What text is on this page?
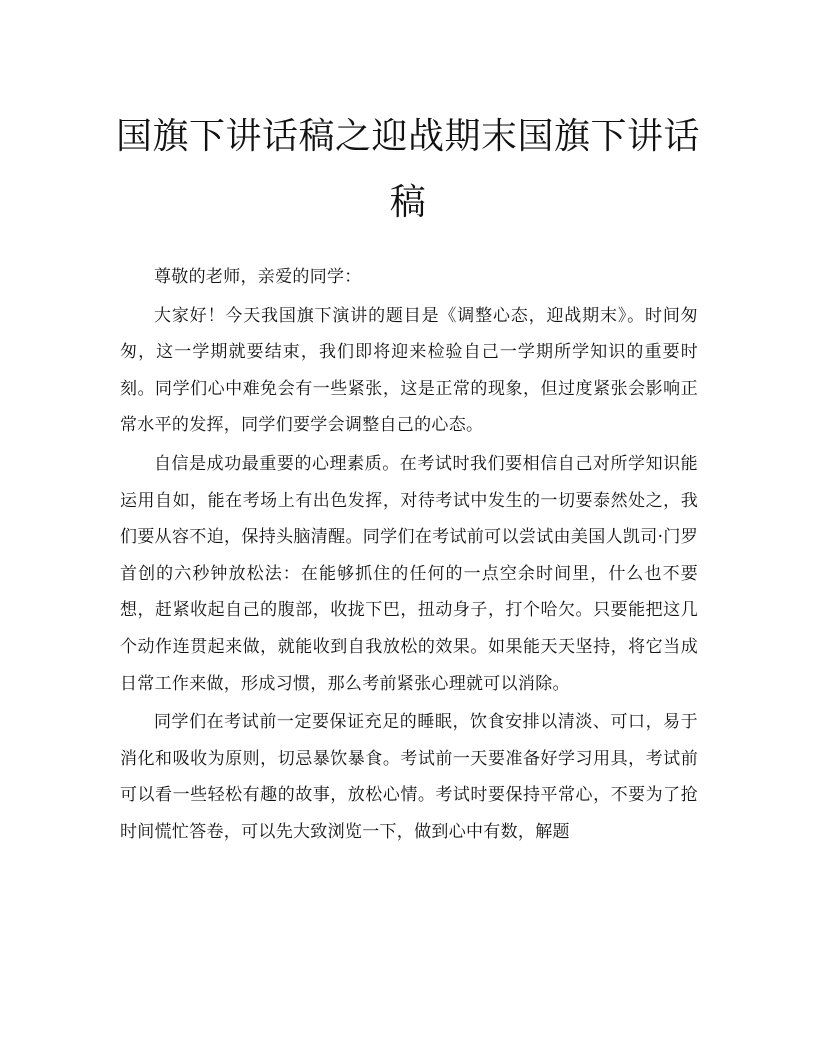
国旗下讲话稿之迎战期末国旗下讲话稿

尊敬的老师，亲爱的同学：

大家好！今天我国旗下演讲的题目是《调整心态，迎战期末》。时间匆匆，这一学期就要结束，我们即将迎来检验自己一学期所学知识的重要时刻。同学们心中难免会有一些紧张，这是正常的现象，但过度紧张会影响正常水平的发挥，同学们要学会调整自己的心态。

自信是成功最重要的心理素质。在考试时我们要相信自己对所学知识能运用自如，能在考场上有出色发挥，对待考试中发生的一切要泰然处之，我们要从容不迫，保持头脑清醒。同学们在考试前可以尝试由美国人凯司·门罗首创的六秒钟放松法：在能够抓住的任何的一点空余时间里，什么也不要想，赶紧收起自己的腹部，收拢下巴，扭动身子，打个哈欠。只要能把这几个动作连贯起来做，就能收到自我放松的效果。如果能天天坚持，将它当成日常工作来做，形成习惯，那么考前紧张心理就可以消除。

同学们在考试前一定要保证充足的睡眠，饮食安排以清淡、可口，易于消化和吸收为原则，切忌暴饮暴食。考试前一天要准备好学习用具，考试前可以看一些轻松有趣的故事，放松心情。考试时要保持平常心，不要为了抢时间慌忙答卷，可以先大致浏览一下，做到心中有数，解题
